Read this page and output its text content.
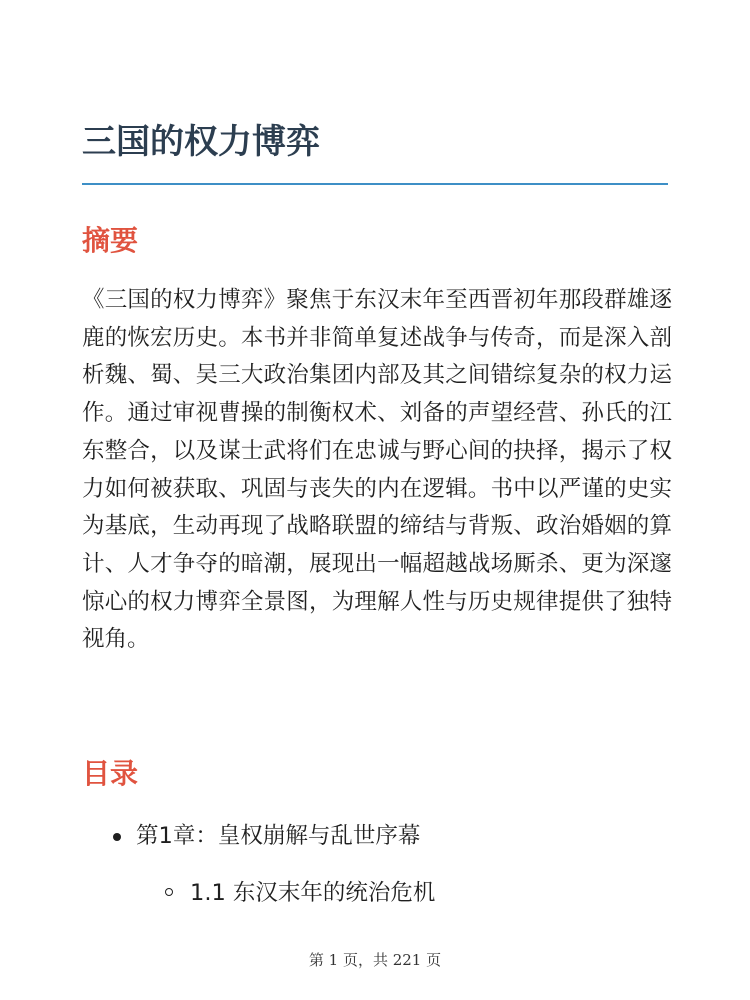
三国的权力博弈
摘要

《三国的权力博弈》聚焦于东汉末年至西晋初年那段群雄逐鹿的恢宏历史。本书并非简单复述战争与传奇，而是深入剖析魏、蜀、吴三大政治集团内部及其之间错综复杂的权力运作。通过审视曹操的制衡权术、刘备的声望经营、孙氏的江东整合，以及谋士武将们在忠诚与野心间的抉择，揭示了权力如何被获取、巩固与丧失的内在逻辑。书中以严谨的史实为基底，生动再现了战略联盟的缔结与背叛、政治婚姻的算计、人才争夺的暗潮，展现出一幅超越战场厮杀、更为深邃惊心的权力博弈全景图，为理解人性与历史规律提供了独特视角。

目录

第1章：皇权崩解与乱世序幕

1.1 东汉末年的统治危机

第 1 页，共 221 页
